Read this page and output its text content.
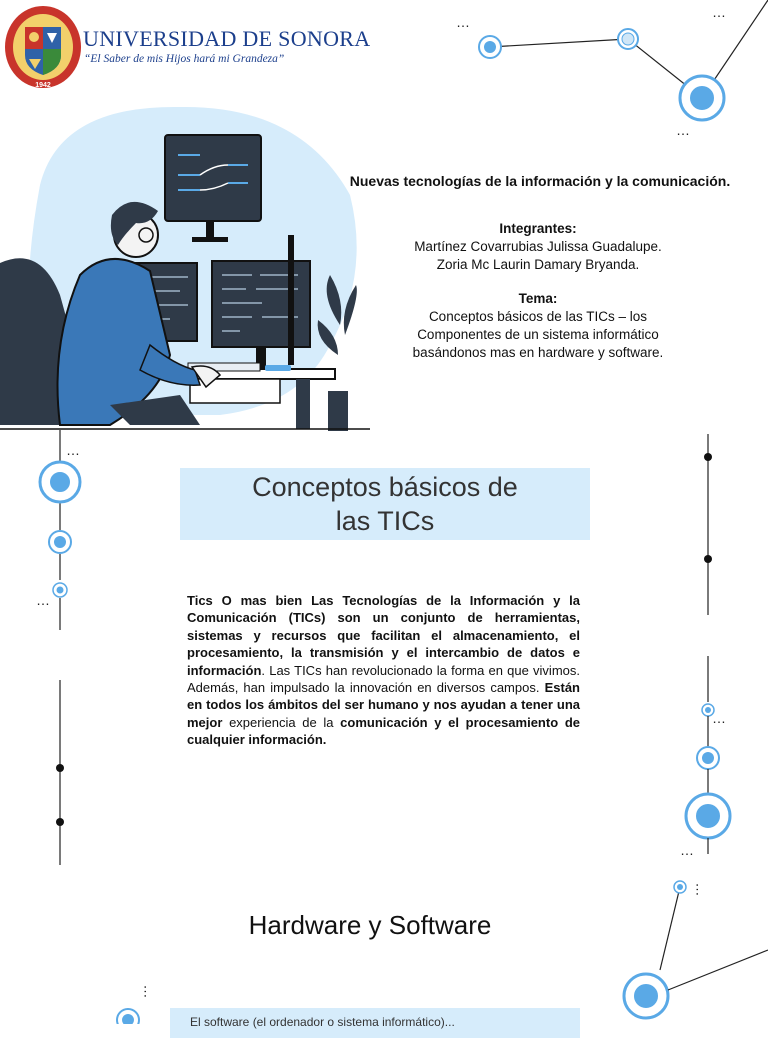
1942
UNIVERSIDAD DE SONORA
“El Saber de mis Hijos hará mi Grandeza”
…
…
…
Nuevas tecnologías de la información y la comunicación.
Integrantes:
Martínez Covarrubias Julissa Guadalupe.
Zoria Mc Laurin Damary Bryanda.
Tema:
Conceptos básicos de las TICs – los
Componentes de un sistema informático
basándonos mas en hardware y software.
…
…
…
…
…
…
Conceptos básicos de
las TICs
Tics O mas bien Las Tecnologías de la Información y la Comunicación (TICs) son un conjunto de herramientas, sistemas y recursos que facilitan el almacenamiento, el procesamiento, la transmisión y el intercambio de datos e información. Las TICs han revolucionado la forma en que vivimos. Además, han impulsado la innovación en diversos campos. Están en todos los ámbitos del ser humano y nos ayudan a tener una mejor experiencia de la comunicación y el procesamiento de cualquier información.
Hardware y Software
El software (el ordenador o sistema informático)...
